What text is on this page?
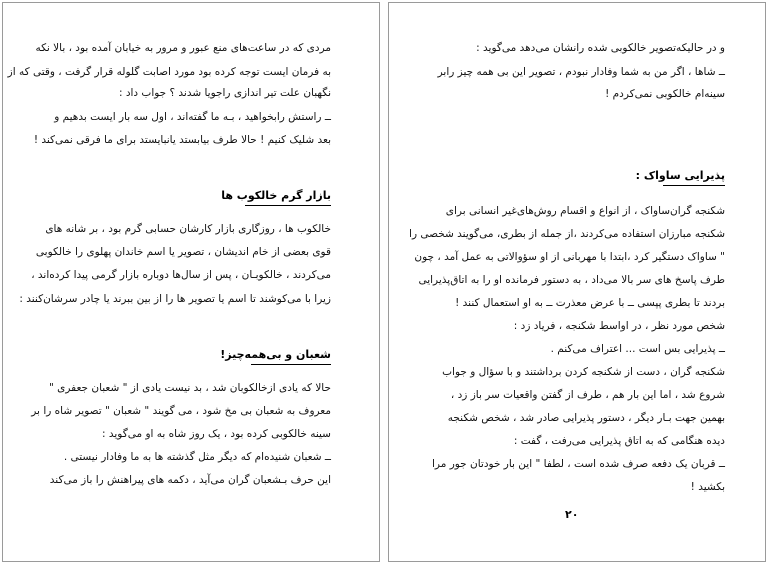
مردی که در ساعت‌های منع عبور و مرور به خیابان آمده بود ، بالا نکه
به فرمان ایست توجه کرده بود مورد اصابت گلوله قرار گرفت ، وقتی که از
نگهبان علت تیر اندازی راجویا شدند ؟ جواب داد :
ــ راستش رابخواهید ، بـه ما گفته‌اند ، اول سه بار ایست بدهیم و
بعد شلیک کنیم ! حالا طرف بیابستد یانبایستد برای ما فرقی نمی‌کند !
بازار گرم خالکوب ها
خالکوب ها ، روزگاری بازار کارشان حسابی گرم بود ، بر شانه های
قوی بعضی از خام اندیشان ، تصویر یا اسم خاندان پهلوی را خالکوبی
می‌کردند ، خالکوبـان ، پس از سال‌ها دوباره بازار گرمی پیدا کرده‌اند ،
زیرا با می‌کوشند تا اسم یا تصویر ها را از بین ببرند یا چادر سرشان‌کنند :
شعبان و بی‌همه‌چیز!
حالا که یادی ازخالکوبان شد ، بد نیست یادی از " شعبان جعفری "
معروف به شعبان بی مخ شود ، می گویند " شعبان " تصویر شاه را بر
سینه خالکوبی کرده بود ، یک روز شاه به او می‌گوید :
ــ شعبان شنیده‌ام که دیگر مثل گذشته ها به ما وفادار نیستی .
این حرف بـشعبان گران می‌آید ، دکمه های پیراهنش را باز می‌کند
و در حالیکه‌تصویر خالکوبی شده رانشان می‌دهد می‌گوید :
ــ شاها ، اگر من به شما وفادار نبودم ، تصویر این بی همه چیز رابر
سینه‌ام خالکوبی نمی‌کردم !
پذیرایی ساواک :
شکنجه‌ گران‌ساواک ، از انواع و اقسام روش‌های‌غیر انسانی برای
شکنجه مبارزان استفاده می‌کردند ،از جمله از بطری، می‌گویند شخصی را
" ساواک دستگیر کرد ،ابتدا با مهربانی از او سؤوالاتی به عمل آمد ، چون
طرف پاسخ های سر بالا می‌داد ، به دستور فرمانده او را به اتاق‌پذیرایی
بردند تا بطری پپسی ــ با عرض معذرت ــ به او استعمال کنند !
شخص مورد نظر ، در اواسط شکنجه ، فریاد زد :
ــ پذیرایی بس است ... اعتراف می‌کنم .
شکنجه گران ، دست از شکنجه کردن برداشتند و با سؤال و جواب
شروع شد ، اما این بار هم ، طرف از گفتن واقعیات سر باز زد ،
بهمین جهت بـار دیگر ، دستور پذیرایی صادر شد ، شخص شکنجه
دیده هنگامی که به اتاق پذیرایی می‌رفت ، گفت :
ــ قربان یک دفعه صرف شده است ، لطفا " این بار خودتان جور مرا
بکشید !
٢٠
